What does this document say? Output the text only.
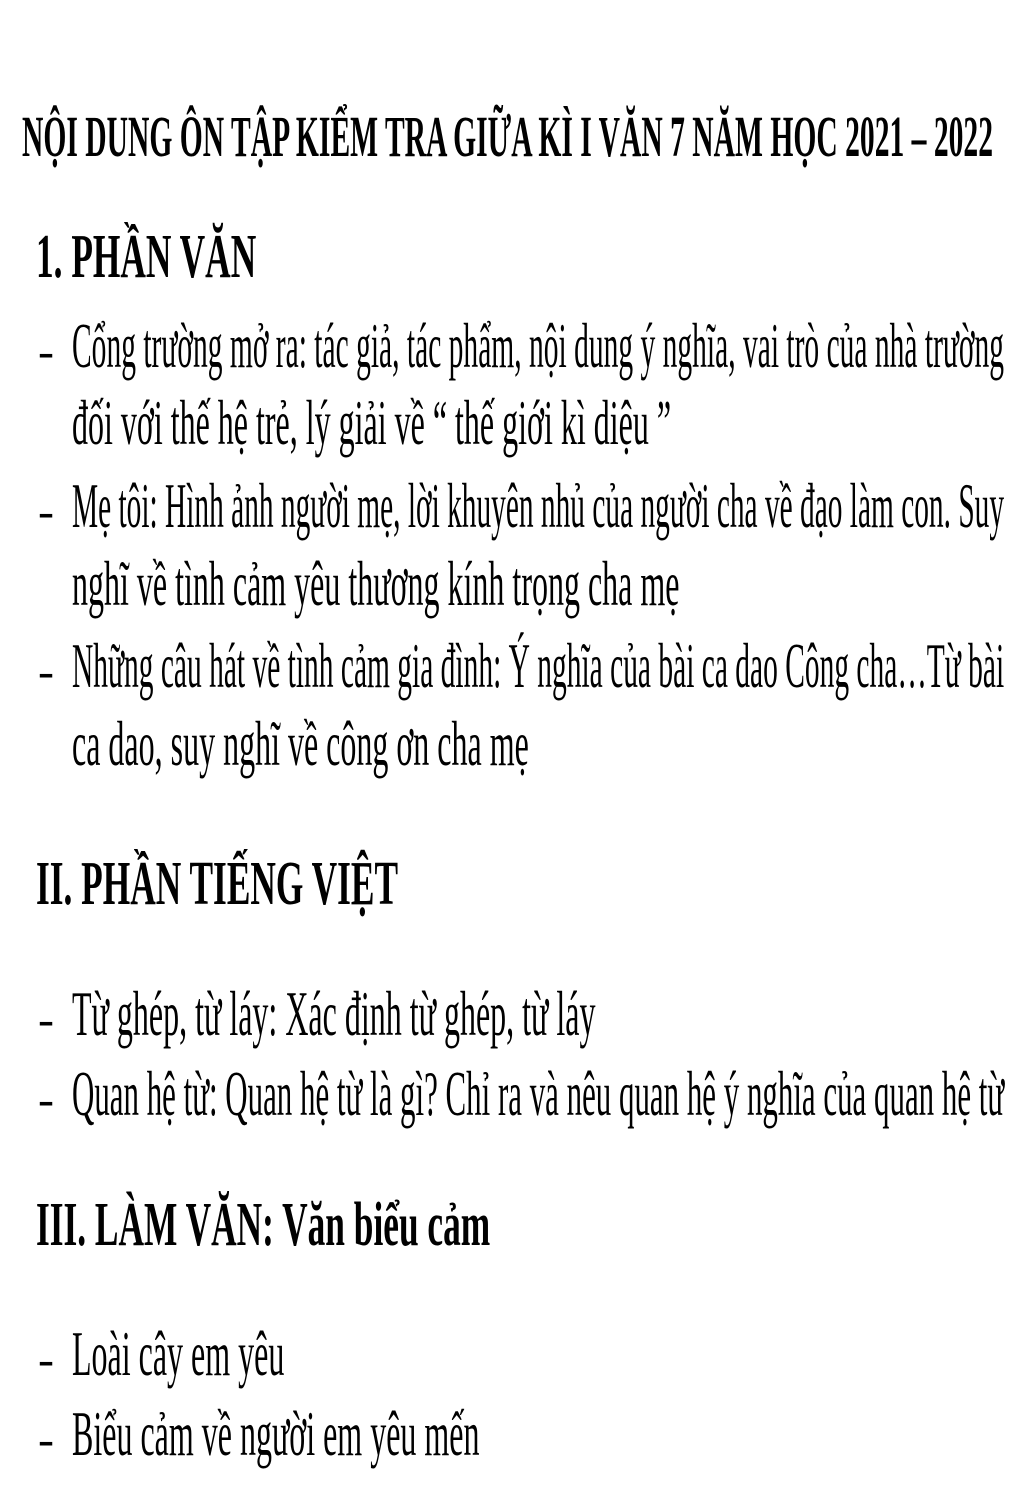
NỘI DUNG ÔN TẬP KIỂM TRA GIỮA KÌ I VĂN 7 NĂM HỌC 2021 – 2022
1. PHẦN VĂN
- Cổng trường mở ra: tác giả, tác phẩm, nội dung ý nghĩa, vai trò của nhà trường
đối với thế hệ trẻ, lý giải về “ thế giới kì diệu ”
- Mẹ tôi: Hình ảnh người mẹ, lời khuyên nhủ của người cha về đạo làm con. Suy
nghĩ về tình cảm yêu thương kính trọng cha mẹ
- Những câu hát về tình cảm gia đình: Ý nghĩa của bài ca dao Công cha…Từ bài
ca dao, suy nghĩ về công ơn cha mẹ
II. PHẦN TIẾNG VIỆT
- Từ ghép, từ láy: Xác định từ ghép, từ láy
- Quan hệ từ: Quan hệ từ là gì? Chỉ ra và nêu quan hệ ý nghĩa của quan hệ từ
III. LÀM VĂN: Văn biểu cảm
- Loài cây em yêu
- Biểu cảm về người em yêu mến
